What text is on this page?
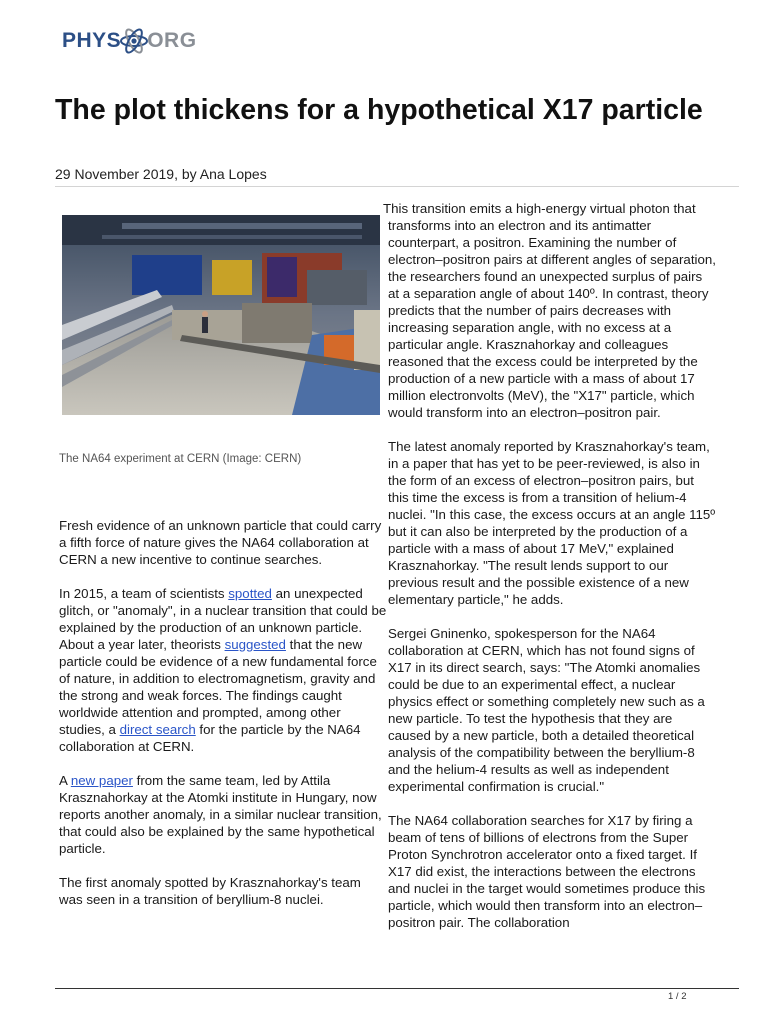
PHYS ORG
The plot thickens for a hypothetical X17 particle
29 November 2019, by Ana Lopes
The NA64 experiment at CERN (Image: CERN)

Fresh evidence of an unknown particle that could carry a fifth force of nature gives the NA64 collaboration at CERN a new incentive to continue searches.

In 2015, a team of scientists spotted an unexpected glitch, or "anomaly", in a nuclear transition that could be explained by the production of an unknown particle. About a year later, theorists suggested that the new particle could be evidence of a new fundamental force of nature, in addition to electromagnetism, gravity and the strong and weak forces. The findings caught worldwide attention and prompted, among other studies, a direct search for the particle by the NA64 collaboration at CERN.

A new paper from the same team, led by Attila Krasznahorkay at the Atomki institute in Hungary, now reports another anomaly, in a similar nuclear transition, that could also be explained by the same hypothetical particle.

The first anomaly spotted by Krasznahorkay's team was seen in a transition of beryllium-8 nuclei.

This transition emits a high-energy virtual photon that transforms into an electron and its antimatter counterpart, a positron. Examining the number of electron–positron pairs at different angles of separation, the researchers found an unexpected surplus of pairs at a separation angle of about 140º. In contrast, theory predicts that the number of pairs decreases with increasing separation angle, with no excess at a particular angle. Krasznahorkay and colleagues reasoned that the excess could be interpreted by the production of a new particle with a mass of about 17 million electronvolts (MeV), the "X17" particle, which would transform into an electron–positron pair.

The latest anomaly reported by Krasznahorkay's team, in a paper that has yet to be peer-reviewed, is also in the form of an excess of electron–positron pairs, but this time the excess is from a transition of helium-4 nuclei. "In this case, the excess occurs at an angle 115º but it can also be interpreted by the production of a particle with a mass of about 17 MeV," explained Krasznahorkay. "The result lends support to our previous result and the possible existence of a new elementary particle," he adds.

Sergei Gninenko, spokesperson for the NA64 collaboration at CERN, which has not found signs of X17 in its direct search, says: "The Atomki anomalies could be due to an experimental effect, a nuclear physics effect or something completely new such as a new particle. To test the hypothesis that they are caused by a new particle, both a detailed theoretical analysis of the compatibility between the beryllium-8 and the helium-4 results as well as independent experimental confirmation is crucial."

The NA64 collaboration searches for X17 by firing a beam of tens of billions of electrons from the Super Proton Synchrotron accelerator onto a fixed target. If X17 did exist, the interactions between the electrons and nuclei in the target would sometimes produce this particle, which would then transform into an electron–positron pair. The collaboration

1 / 2
